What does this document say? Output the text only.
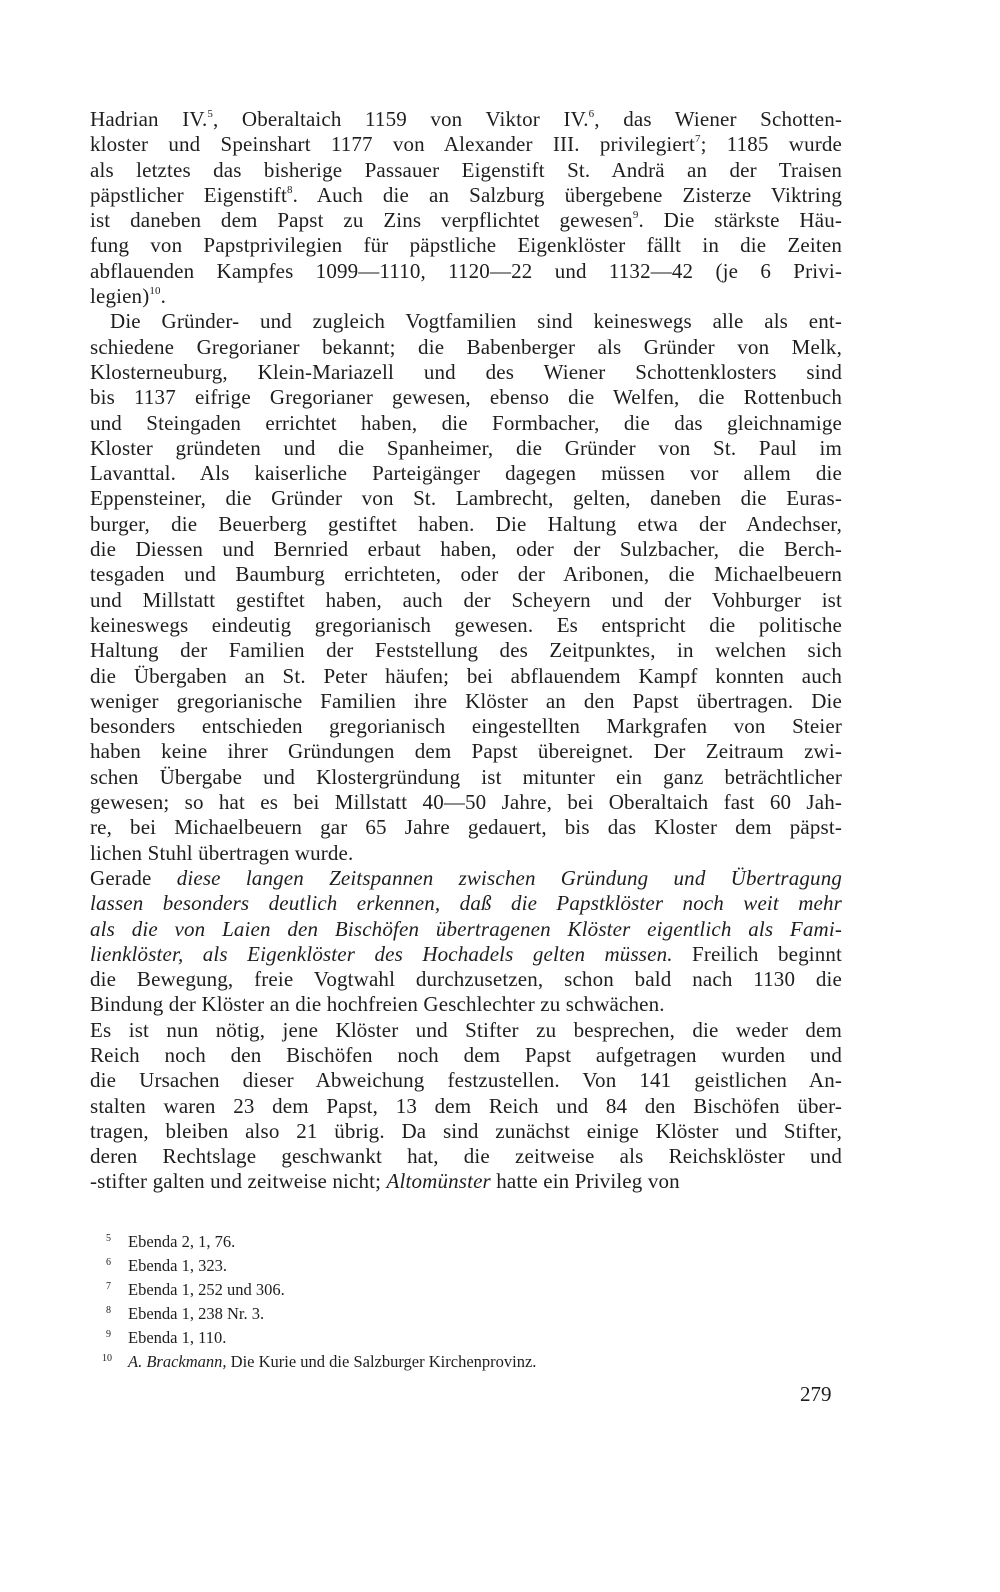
Hadrian IV.$^5$, Oberaltaich 1159 von Viktor IV.$^6$, das Wiener Schotten-
kloster und Speinshart 1177 von Alexander III. privilegiert$^7$; 1185 wurde
als letztes das bisherige Passauer Eigenstift St. Andrä an der Traisen
päpstlicher Eigenstift$^8$. Auch die an Salzburg übergebene Zisterze Viktring
ist daneben dem Papst zu Zins verpflichtet gewesen$^9$. Die stärkste Häu-
fung von Papstprivilegien für päpstliche Eigenklöster fällt in die Zeiten
abflauenden Kampfes 1099—1110, 1120—22 und 1132—42 (je 6 Privi-
legien)$^{10}$.
Die Gründer- und zugleich Vogtfamilien sind keineswegs alle als ent-
schiedene Gregorianer bekannt; die Babenberger als Gründer von Melk,
Klosterneuburg, Klein-Mariazell und des Wiener Schottenklosters sind
bis 1137 eifrige Gregorianer gewesen, ebenso die Welfen, die Rottenbuch
und Steingaden errichtet haben, die Formbacher, die das gleichnamige
Kloster gründeten und die Spanheimer, die Gründer von St. Paul im
Lavanttal. Als kaiserliche Parteigänger dagegen müssen vor allem die
Eppensteiner, die Gründer von St. Lambrecht, gelten, daneben die Euras-
burger, die Beuerberg gestiftet haben. Die Haltung etwa der Andechser,
die Diessen und Bernried erbaut haben, oder der Sulzbacher, die Berch-
tesgaden und Baumburg errichteten, oder der Aribonen, die Michaelbeuern
und Millstatt gestiftet haben, auch der Scheyern und der Vohburger ist
keineswegs eindeutig gregorianisch gewesen. Es entspricht die politische
Haltung der Familien der Feststellung des Zeitpunktes, in welchen sich
die Übergaben an St. Peter häufen; bei abflauendem Kampf konnten auch
weniger gregorianische Familien ihre Klöster an den Papst übertragen. Die
besonders entschieden gregorianisch eingestellten Markgrafen von Steier
haben keine ihrer Gründungen dem Papst übereignet. Der Zeitraum zwi-
schen Übergabe und Klostergründung ist mitunter ein ganz beträchtlicher
gewesen; so hat es bei Millstatt 40—50 Jahre, bei Oberaltaich fast 60 Jah-
re, bei Michaelbeuern gar 65 Jahre gedauert, bis das Kloster dem päpst-
lichen Stuhl übertragen wurde.
Gerade diese langen Zeitspannen zwischen Gründung und Übertragung
lassen besonders deutlich erkennen, daß die Papstklöster noch weit mehr
als die von Laien den Bischöfen übertragenen Klöster eigentlich als Fami-
lienklöster, als Eigenklöster des Hochadels gelten müssen. Freilich beginnt
die Bewegung, freie Vogtwahl durchzusetzen, schon bald nach 1130 die
Bindung der Klöster an die hochfreien Geschlechter zu schwächen.
Es ist nun nötig, jene Klöster und Stifter zu besprechen, die weder dem
Reich noch den Bischöfen noch dem Papst aufgetragen wurden und
die Ursachen dieser Abweichung festzustellen. Von 141 geistlichen An-
stalten waren 23 dem Papst, 13 dem Reich und 84 den Bischöfen über-
tragen, bleiben also 21 übrig. Da sind zunächst einige Klöster und Stifter,
deren Rechtslage geschwankt hat, die zeitweise als Reichsklöster und
-stifter galten und zeitweise nicht; Altomünster hatte ein Privileg von
5 Ebenda 2, 1, 76.
6 Ebenda 1, 323.
7 Ebenda 1, 252 und 306.
8 Ebenda 1, 238 Nr. 3.
9 Ebenda 1, 110.
10 A. Brackmann, Die Kurie und die Salzburger Kirchenprovinz.
279
